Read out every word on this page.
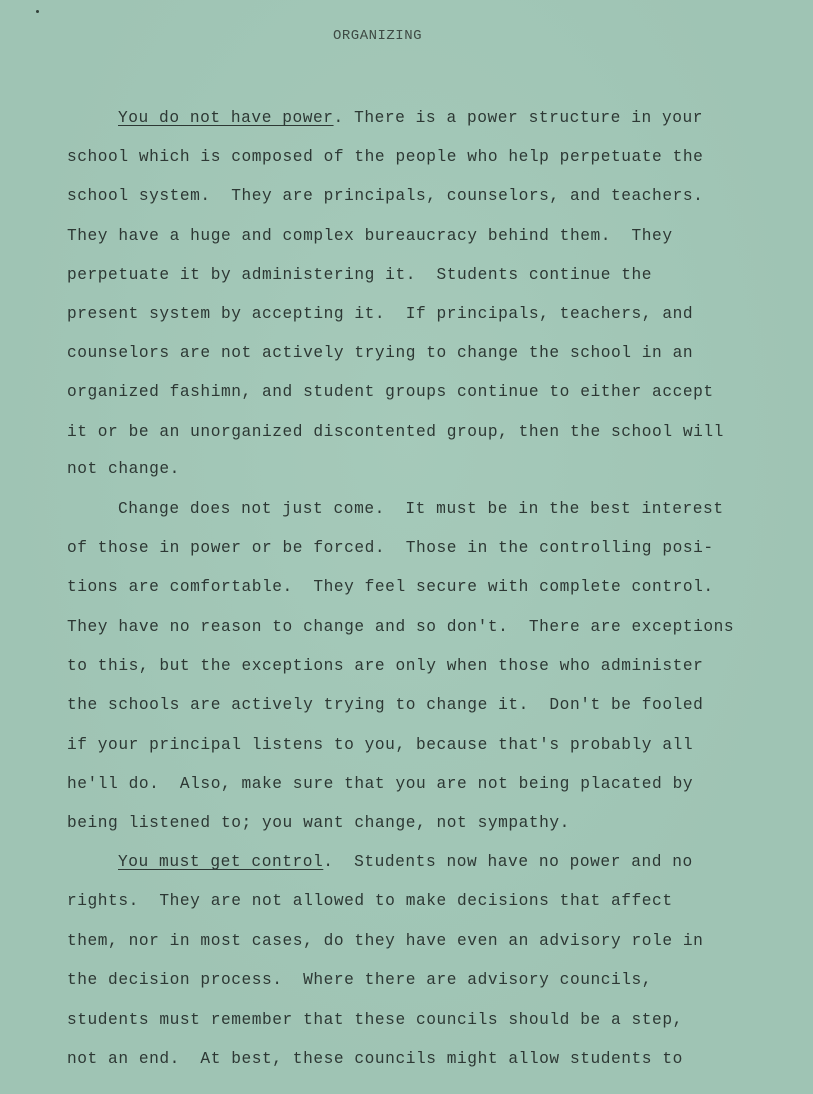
ORGANIZING
You do not have power. There is a power structure in your
school which is composed of the people who help perpetuate the
school system.  They are principals, counselors, and teachers.
They have a huge and complex bureaucracy behind them.  They
perpetuate it by administering it.  Students continue the
present system by accepting it.  If principals, teachers, and
counselors are not actively trying to change the school in an
organized fashimn, and student groups continue to either accept
it or be an unorganized discontented group, then the school will
not change.
Change does not just come.  It must be in the best interest
of those in power or be forced.  Those in the controlling posi-
tions are comfortable.  They feel secure with complete control.
They have no reason to change and so don't.  There are exceptions
to this, but the exceptions are only when those who administer
the schools are actively trying to change it.  Don't be fooled
if your principal listens to you, because that's probably all
he'll do.  Also, make sure that you are not being placated by
being listened to; you want change, not sympathy.
You must get control.  Students now have no power and no
rights.  They are not allowed to make decisions that affect
them, nor in most cases, do they have even an advisory role in
the decision process.  Where there are advisory councils,
students must remember that these councils should be a step,
not an end.  At best, these councils might allow students to
